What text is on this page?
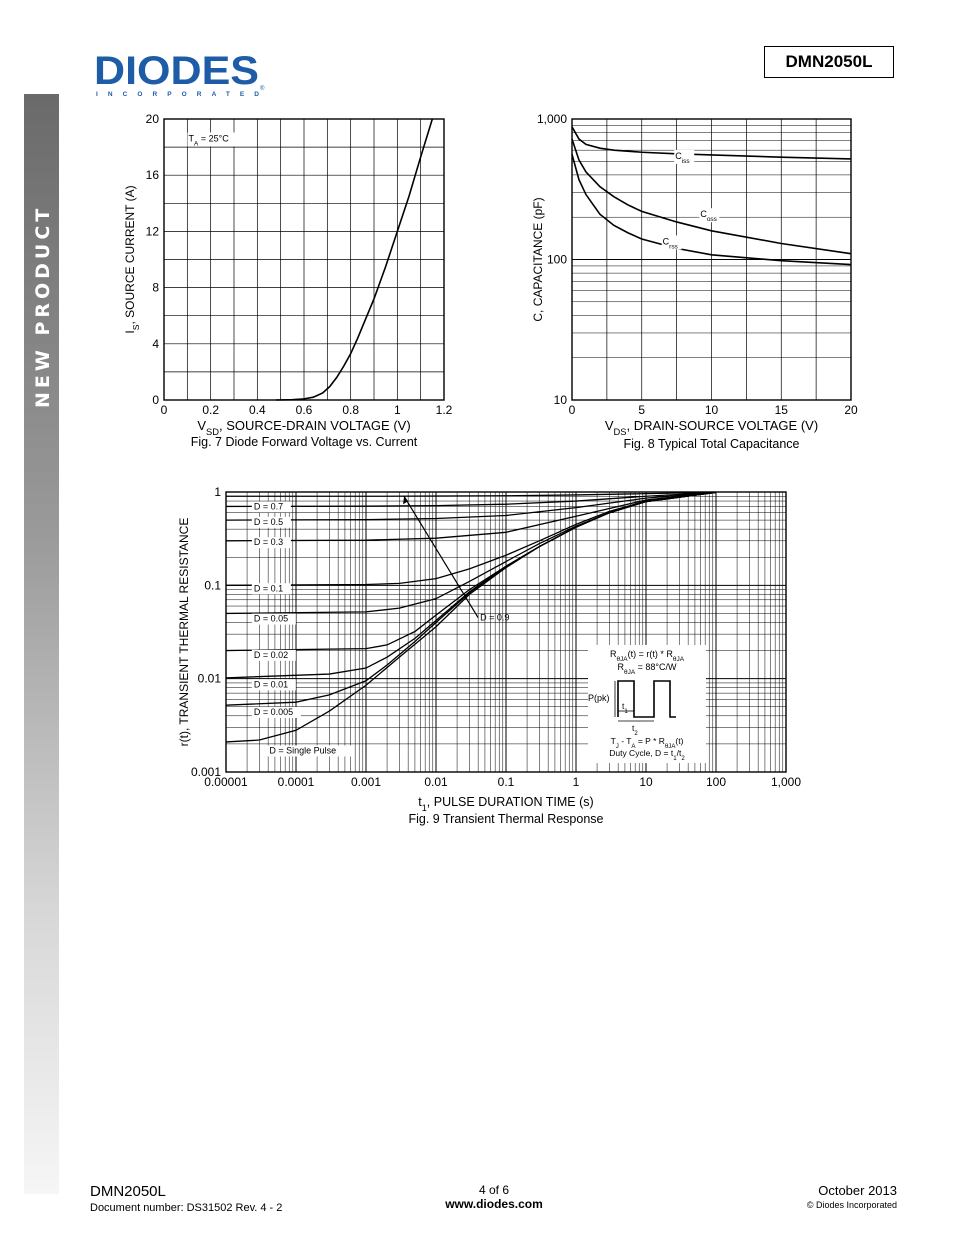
NEW PRODUCT
DIODES
INCORPORATED
®
DMN2050L
0	0.2 0.4 0.6 0.8	1	1.2
0
4
8
12
16
20
$V_{SD}$, SOURCE-DRAIN VOLTAGE (V)
Fig. 7 Diode Forward Voltage vs. Current
$I_S$, SOURCE CURRENT (A)
$T_A = 25^\circ C$
0	5	10	15	20
10
100
1,000
$C_{iss}$
$C_{oss}$
$C_{rss}$
$V_{DS}$, DRAIN-SOURCE VOLTAGE (V)
Fig. 8 Typical Total Capacitance
C, CAPACITANCE (pF)
0.00001 0.0001	0.001	0.01	0.1	1	10	100	1,000
0.001
0.01
0.1
1
D = 0.7
D = 0.5
D = 0.3
D = 0.1
D = 0.05
D = 0.02
D = 0.01
D = 0.005
D = Single Pulse
$t_1$, PULSE DURATION TIME (s)
Fig. 9 Transient Thermal Response
r(t), TRANSIENT THERMAL RESISTANCE	D = 0.9
$R_{\theta JA}(t) = r(t) * R_{\theta JA}$
$R_{\theta JA} = 88^\circ C/W$
P(pk)
$t_1$
$t_2$
$T_J - T_A = P * R_{\theta JA}(t)$
Duty Cycle, $D = t_1/t_2$
DMN2050L
Document number: DS31502 Rev. 4 - 2
4 of 6
www.diodes.com
October 2013
© Diodes Incorporated
